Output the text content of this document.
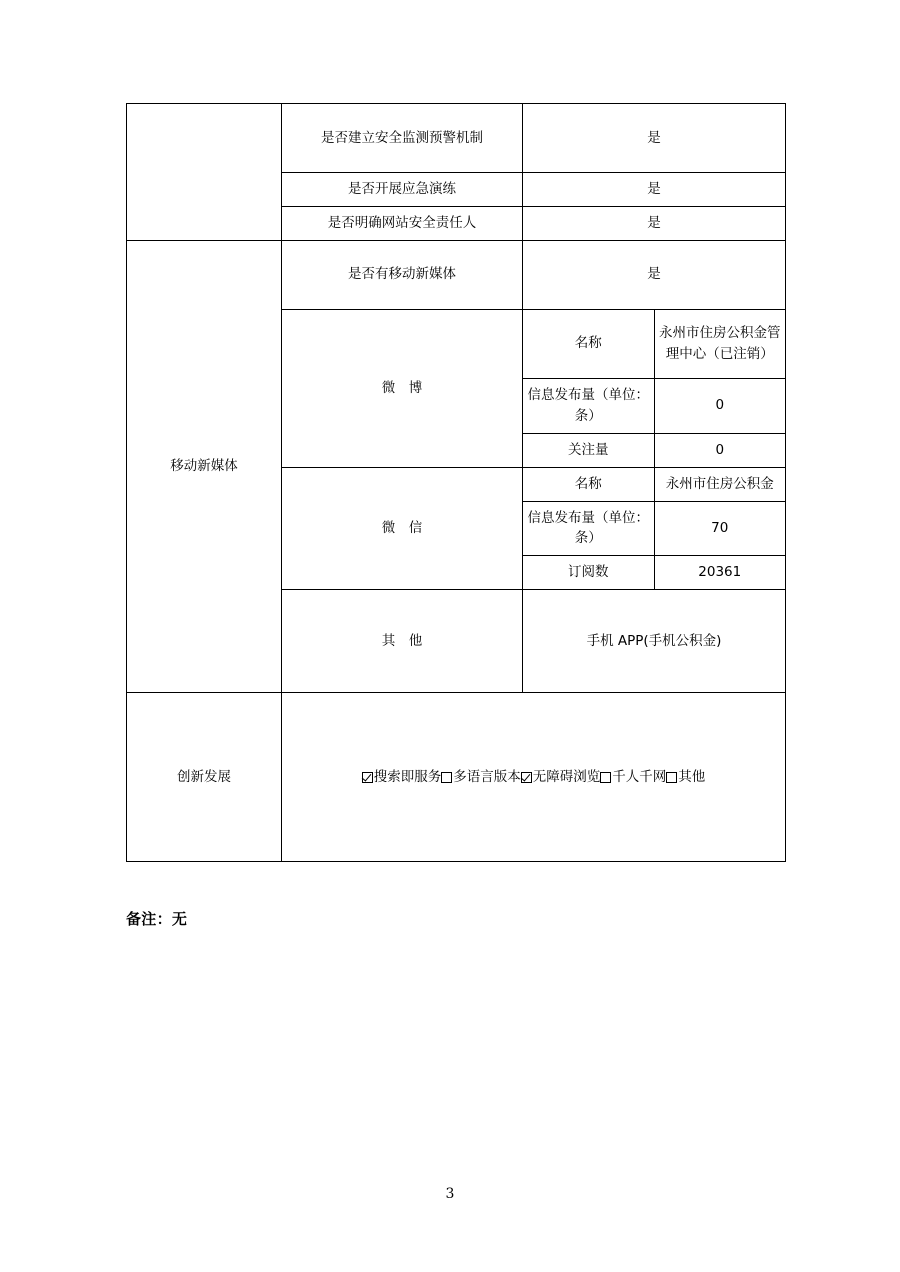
	是否建立安全监测预警机制	是	
	是否开展应急演练	是	
	是否明确网站安全责任人	是	
移动新媒体	是否有移动新媒体	是	
	微　博	名称	永州市住房公积金管理中心（已注销）
		信息发布量（单位：条）	0
		关注量	0
	微　信	名称	永州市住房公积金
		信息发布量（单位：条）	70
		订阅数	20361
	其　他	手机 APP(手机公积金)	
创新发展	搜索即服务 多语言版本 无障碍浏览 千人千网 其他		
备注：无
3
